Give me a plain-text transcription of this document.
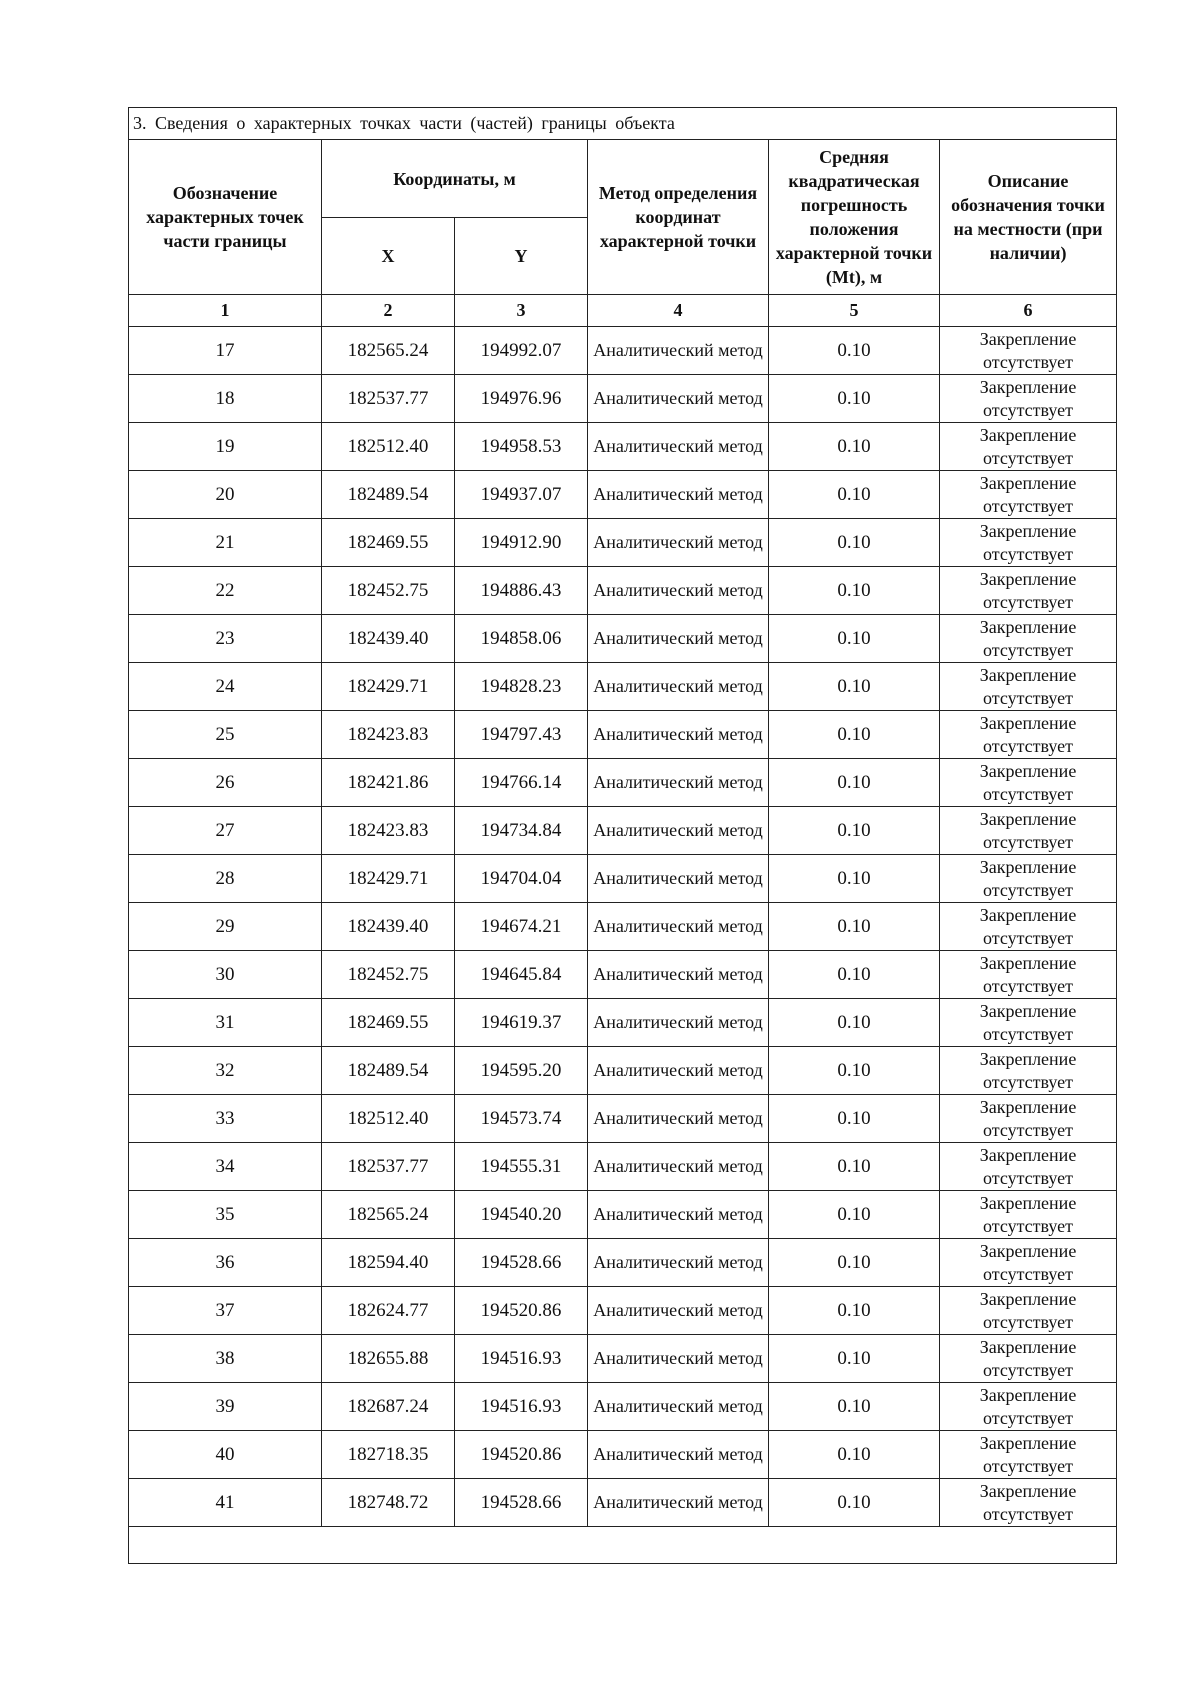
3. Сведения о характерных точках части (частей) границы объекта					
Обозначение характерных точек части границы	Координаты, м		Метод определения координат характерной точки	Средняя квадратическая погрешность положения характерной точки (Mt), м	Описание обозначения точки на местности (при наличии)
	X	Y			
1	2	3	4	5	6
17	182565.24	194992.07	Аналитический метод	0.10	Закрепление отсутствует
18	182537.77	194976.96	Аналитический метод	0.10	Закрепление отсутствует
19	182512.40	194958.53	Аналитический метод	0.10	Закрепление отсутствует
20	182489.54	194937.07	Аналитический метод	0.10	Закрепление отсутствует
21	182469.55	194912.90	Аналитический метод	0.10	Закрепление отсутствует
22	182452.75	194886.43	Аналитический метод	0.10	Закрепление отсутствует
23	182439.40	194858.06	Аналитический метод	0.10	Закрепление отсутствует
24	182429.71	194828.23	Аналитический метод	0.10	Закрепление отсутствует
25	182423.83	194797.43	Аналитический метод	0.10	Закрепление отсутствует
26	182421.86	194766.14	Аналитический метод	0.10	Закрепление отсутствует
27	182423.83	194734.84	Аналитический метод	0.10	Закрепление отсутствует
28	182429.71	194704.04	Аналитический метод	0.10	Закрепление отсутствует
29	182439.40	194674.21	Аналитический метод	0.10	Закрепление отсутствует
30	182452.75	194645.84	Аналитический метод	0.10	Закрепление отсутствует
31	182469.55	194619.37	Аналитический метод	0.10	Закрепление отсутствует
32	182489.54	194595.20	Аналитический метод	0.10	Закрепление отсутствует
33	182512.40	194573.74	Аналитический метод	0.10	Закрепление отсутствует
34	182537.77	194555.31	Аналитический метод	0.10	Закрепление отсутствует
35	182565.24	194540.20	Аналитический метод	0.10	Закрепление отсутствует
36	182594.40	194528.66	Аналитический метод	0.10	Закрепление отсутствует
37	182624.77	194520.86	Аналитический метод	0.10	Закрепление отсутствует
38	182655.88	194516.93	Аналитический метод	0.10	Закрепление отсутствует
39	182687.24	194516.93	Аналитический метод	0.10	Закрепление отсутствует
40	182718.35	194520.86	Аналитический метод	0.10	Закрепление отсутствует
41	182748.72	194528.66	Аналитический метод	0.10	Закрепление отсутствует
